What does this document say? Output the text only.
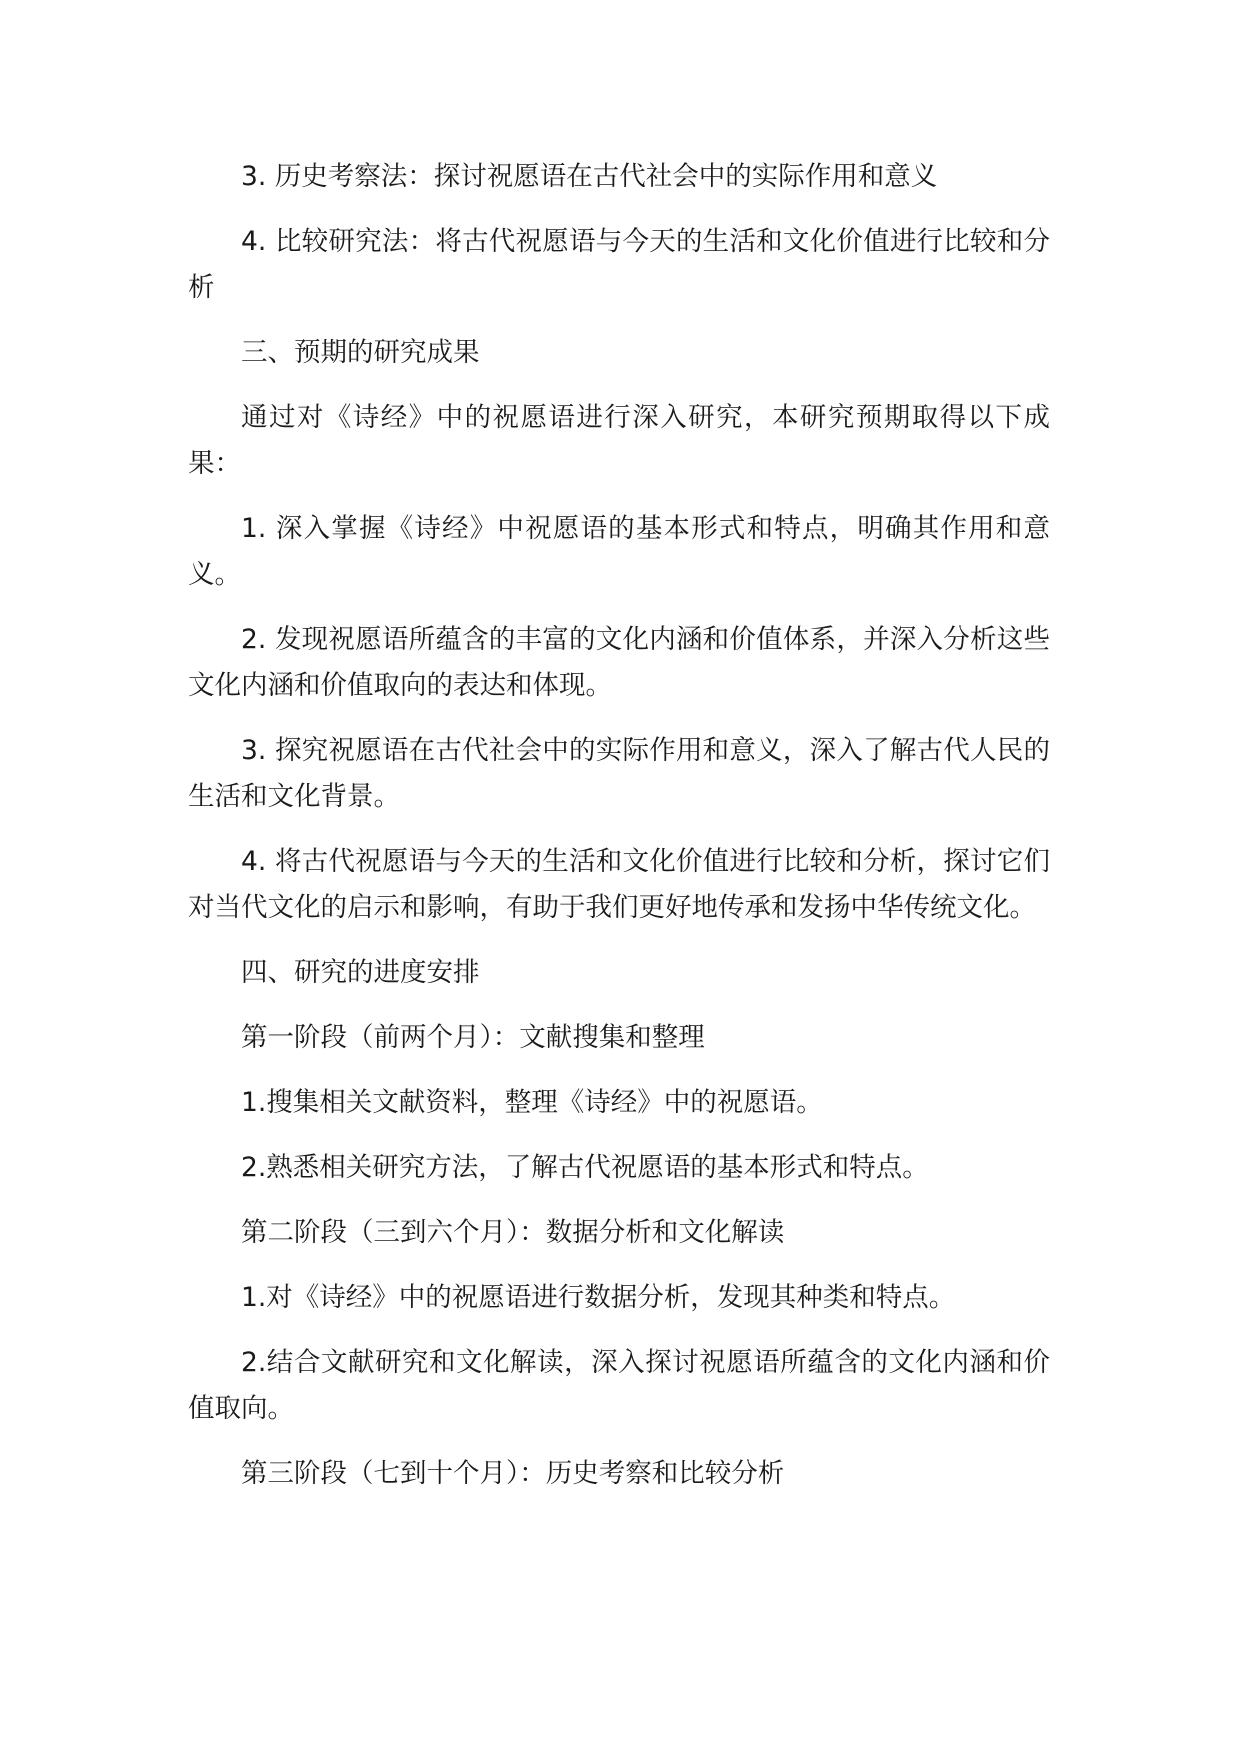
3. 历史考察法：探讨祝愿语在古代社会中的实际作用和意义

4. 比较研究法：将古代祝愿语与今天的生活和文化价值进行比较和分析

三、预期的研究成果

通过对《诗经》中的祝愿语进行深入研究，本研究预期取得以下成果：

1. 深入掌握《诗经》中祝愿语的基本形式和特点，明确其作用和意义。

2. 发现祝愿语所蕴含的丰富的文化内涵和价值体系，并深入分析这些文化内涵和价值取向的表达和体现。

3. 探究祝愿语在古代社会中的实际作用和意义，深入了解古代人民的生活和文化背景。

4. 将古代祝愿语与今天的生活和文化价值进行比较和分析，探讨它们对当代文化的启示和影响，有助于我们更好地传承和发扬中华传统文化。

四、研究的进度安排

第一阶段（前两个月）：文献搜集和整理

1.搜集相关文献资料，整理《诗经》中的祝愿语。

2.熟悉相关研究方法，了解古代祝愿语的基本形式和特点。

第二阶段（三到六个月）：数据分析和文化解读

1.对《诗经》中的祝愿语进行数据分析，发现其种类和特点。

2.结合文献研究和文化解读，深入探讨祝愿语所蕴含的文化内涵和价值取向。

第三阶段（七到十个月）：历史考察和比较分析
